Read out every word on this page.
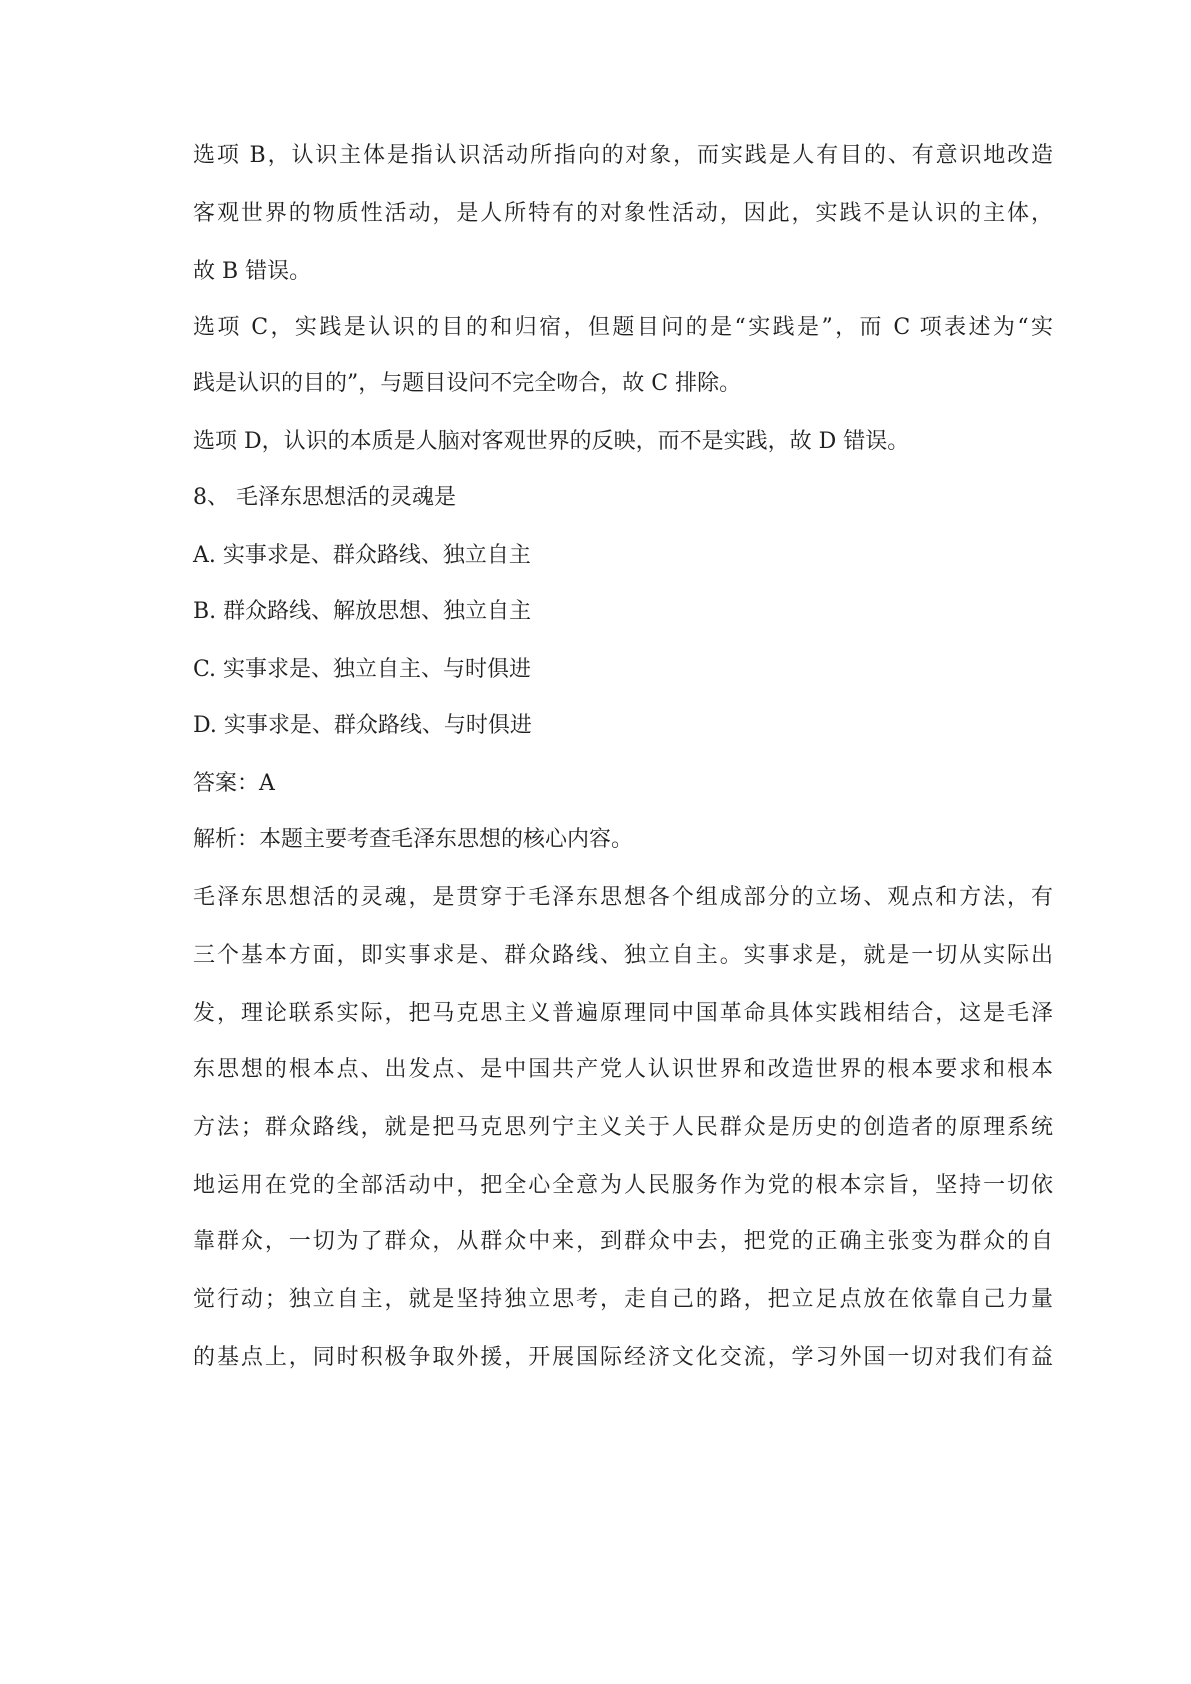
选项 B，认识主体是指认识活动所指向的对象，而实践是人有目的、有意识地改造
客观世界的物质性活动，是人所特有的对象性活动，因此，实践不是认识的主体，
故 B 错误。
选项 C，实践是认识的目的和归宿，但题目问的是“实践是”，而 C 项表述为“实
践是认识的目的”，与题目设问不完全吻合，故 C 排除。
选项 D，认识的本质是人脑对客观世界的反映，而不是实践，故 D 错误。
8、 毛泽东思想活的灵魂是
A. 实事求是、群众路线、独立自主
B. 群众路线、解放思想、独立自主
C. 实事求是、独立自主、与时俱进
D. 实事求是、群众路线、与时俱进
答案：A
解析：本题主要考查毛泽东思想的核心内容。
毛泽东思想活的灵魂，是贯穿于毛泽东思想各个组成部分的立场、观点和方法，有
三个基本方面，即实事求是、群众路线、独立自主。实事求是，就是一切从实际出
发，理论联系实际，把马克思主义普遍原理同中国革命具体实践相结合，这是毛泽
东思想的根本点、出发点、是中国共产党人认识世界和改造世界的根本要求和根本
方法；群众路线，就是把马克思列宁主义关于人民群众是历史的创造者的原理系统
地运用在党的全部活动中，把全心全意为人民服务作为党的根本宗旨，坚持一切依
靠群众，一切为了群众，从群众中来，到群众中去，把党的正确主张变为群众的自
觉行动；独立自主，就是坚持独立思考，走自己的路，把立足点放在依靠自己力量
的基点上，同时积极争取外援，开展国际经济文化交流，学习外国一切对我们有益
